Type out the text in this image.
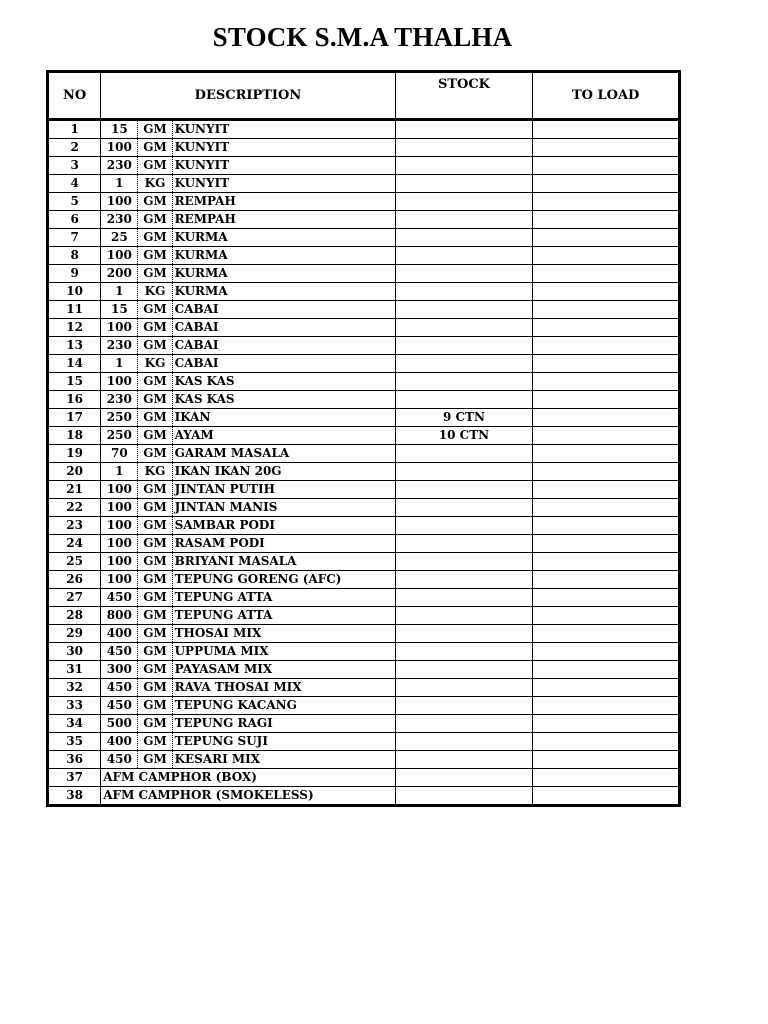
STOCK S.M.A THALHA
NO	DESCRIPTION			STOCK	TO LOAD
1	15	GM	KUNYIT		
2	100	GM	KUNYIT		
3	230	GM	KUNYIT		
4	1	KG	KUNYIT		
5	100	GM	REMPAH		
6	230	GM	REMPAH		
7	25	GM	KURMA		
8	100	GM	KURMA		
9	200	GM	KURMA		
10	1	KG	KURMA		
11	15	GM	CABAI		
12	100	GM	CABAI		
13	230	GM	CABAI		
14	1	KG	CABAI		
15	100	GM	KAS KAS		
16	230	GM	KAS KAS		
17	250	GM	IKAN	9 CTN	
18	250	GM	AYAM	10 CTN	
19	70	GM	GARAM MASALA		
20	1	KG	IKAN IKAN 20G		
21	100	GM	JINTAN PUTIH		
22	100	GM	JINTAN MANIS		
23	100	GM	SAMBAR PODI		
24	100	GM	RASAM PODI		
25	100	GM	BRIYANI MASALA		
26	100	GM	TEPUNG GORENG (AFC)		
27	450	GM	TEPUNG ATTA		
28	800	GM	TEPUNG ATTA		
29	400	GM	THOSAI MIX		
30	450	GM	UPPUMA MIX		
31	300	GM	PAYASAM MIX		
32	450	GM	RAVA THOSAI MIX		
33	450	GM	TEPUNG KACANG		
34	500	GM	TEPUNG RAGI		
35	400	GM	TEPUNG SUJI		
36	450	GM	KESARI MIX		
37	AFM CAMPHOR (BOX)				
38	AFM CAMPHOR (SMOKELESS)				
